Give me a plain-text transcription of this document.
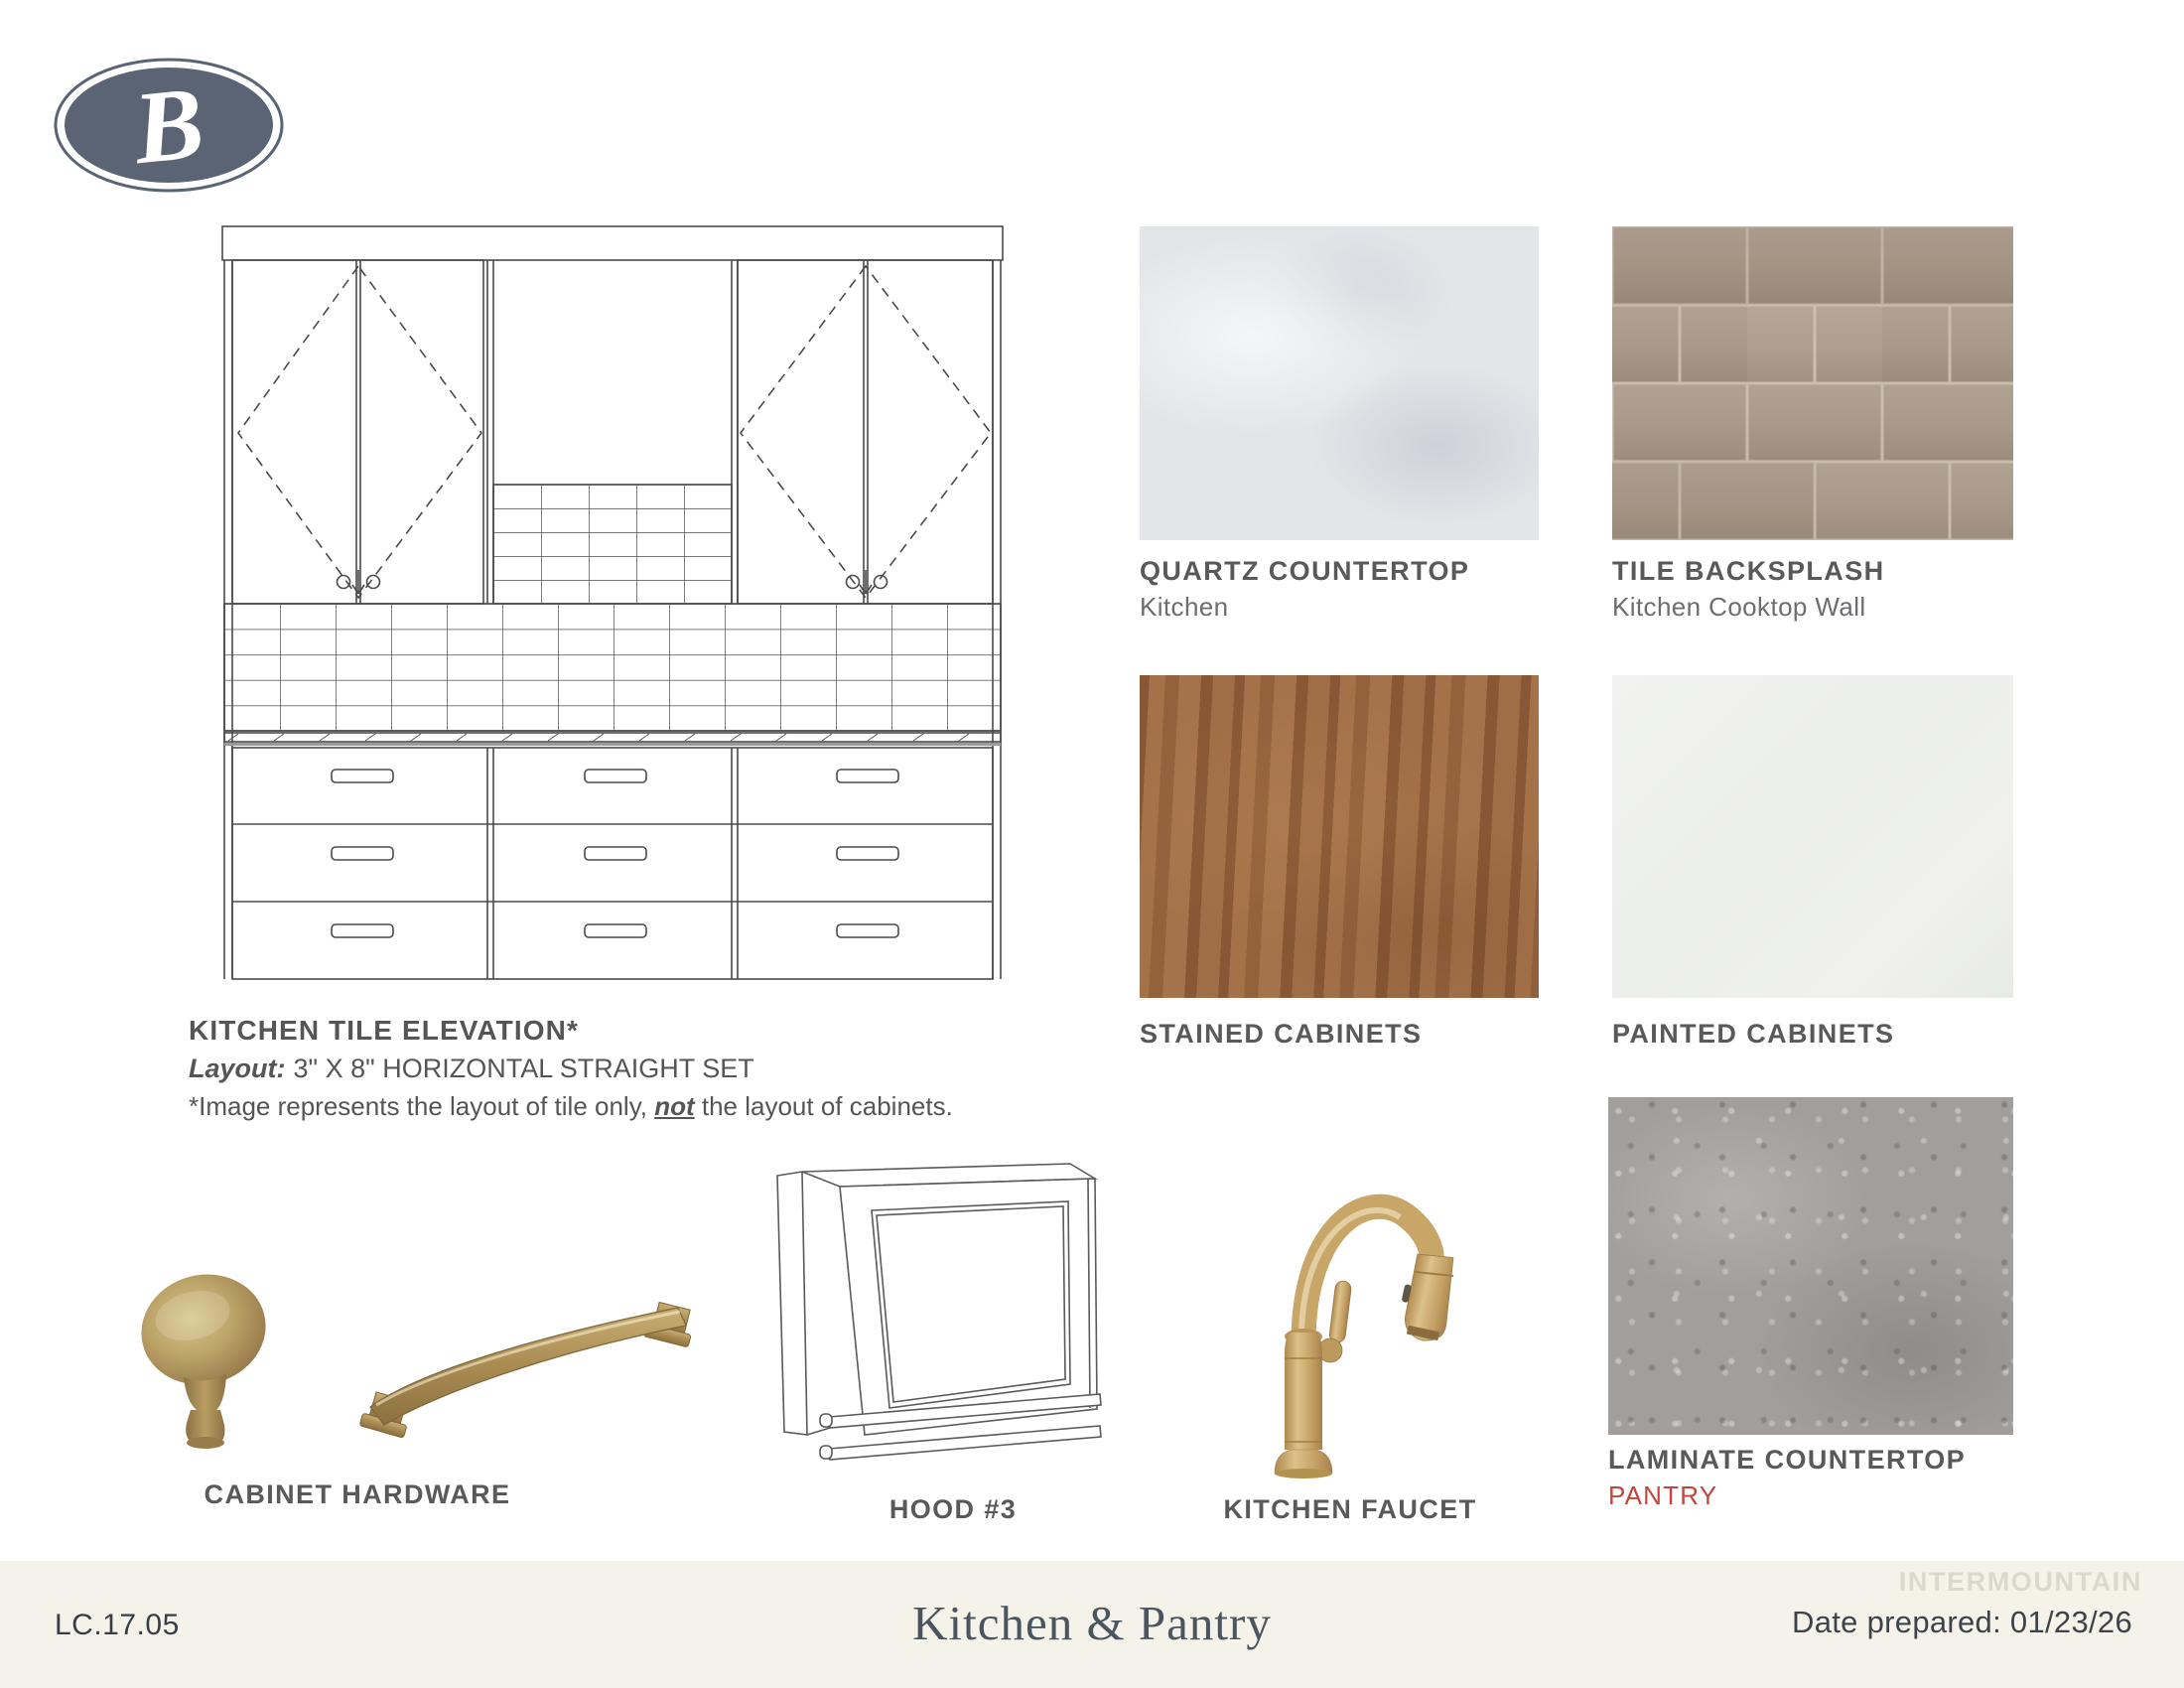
B
KITCHEN TILE ELEVATION*
Layout: 3" X 8" HORIZONTAL STRAIGHT SET
*Image represents the layout of tile only, not the layout of cabinets.
QUARTZ COUNTERTOP
Kitchen
TILE BACKSPLASH
Kitchen Cooktop Wall
STAINED CABINETS	PAINTED CABINETS
LAMINATE COUNTERTOP
PANTRY
CABINET HARDWARE	HOOD #3	KITCHEN FAUCET
INTERMOUNTAIN
LC.17.05	Kitchen & Pantry	Date prepared: 01/23/26
